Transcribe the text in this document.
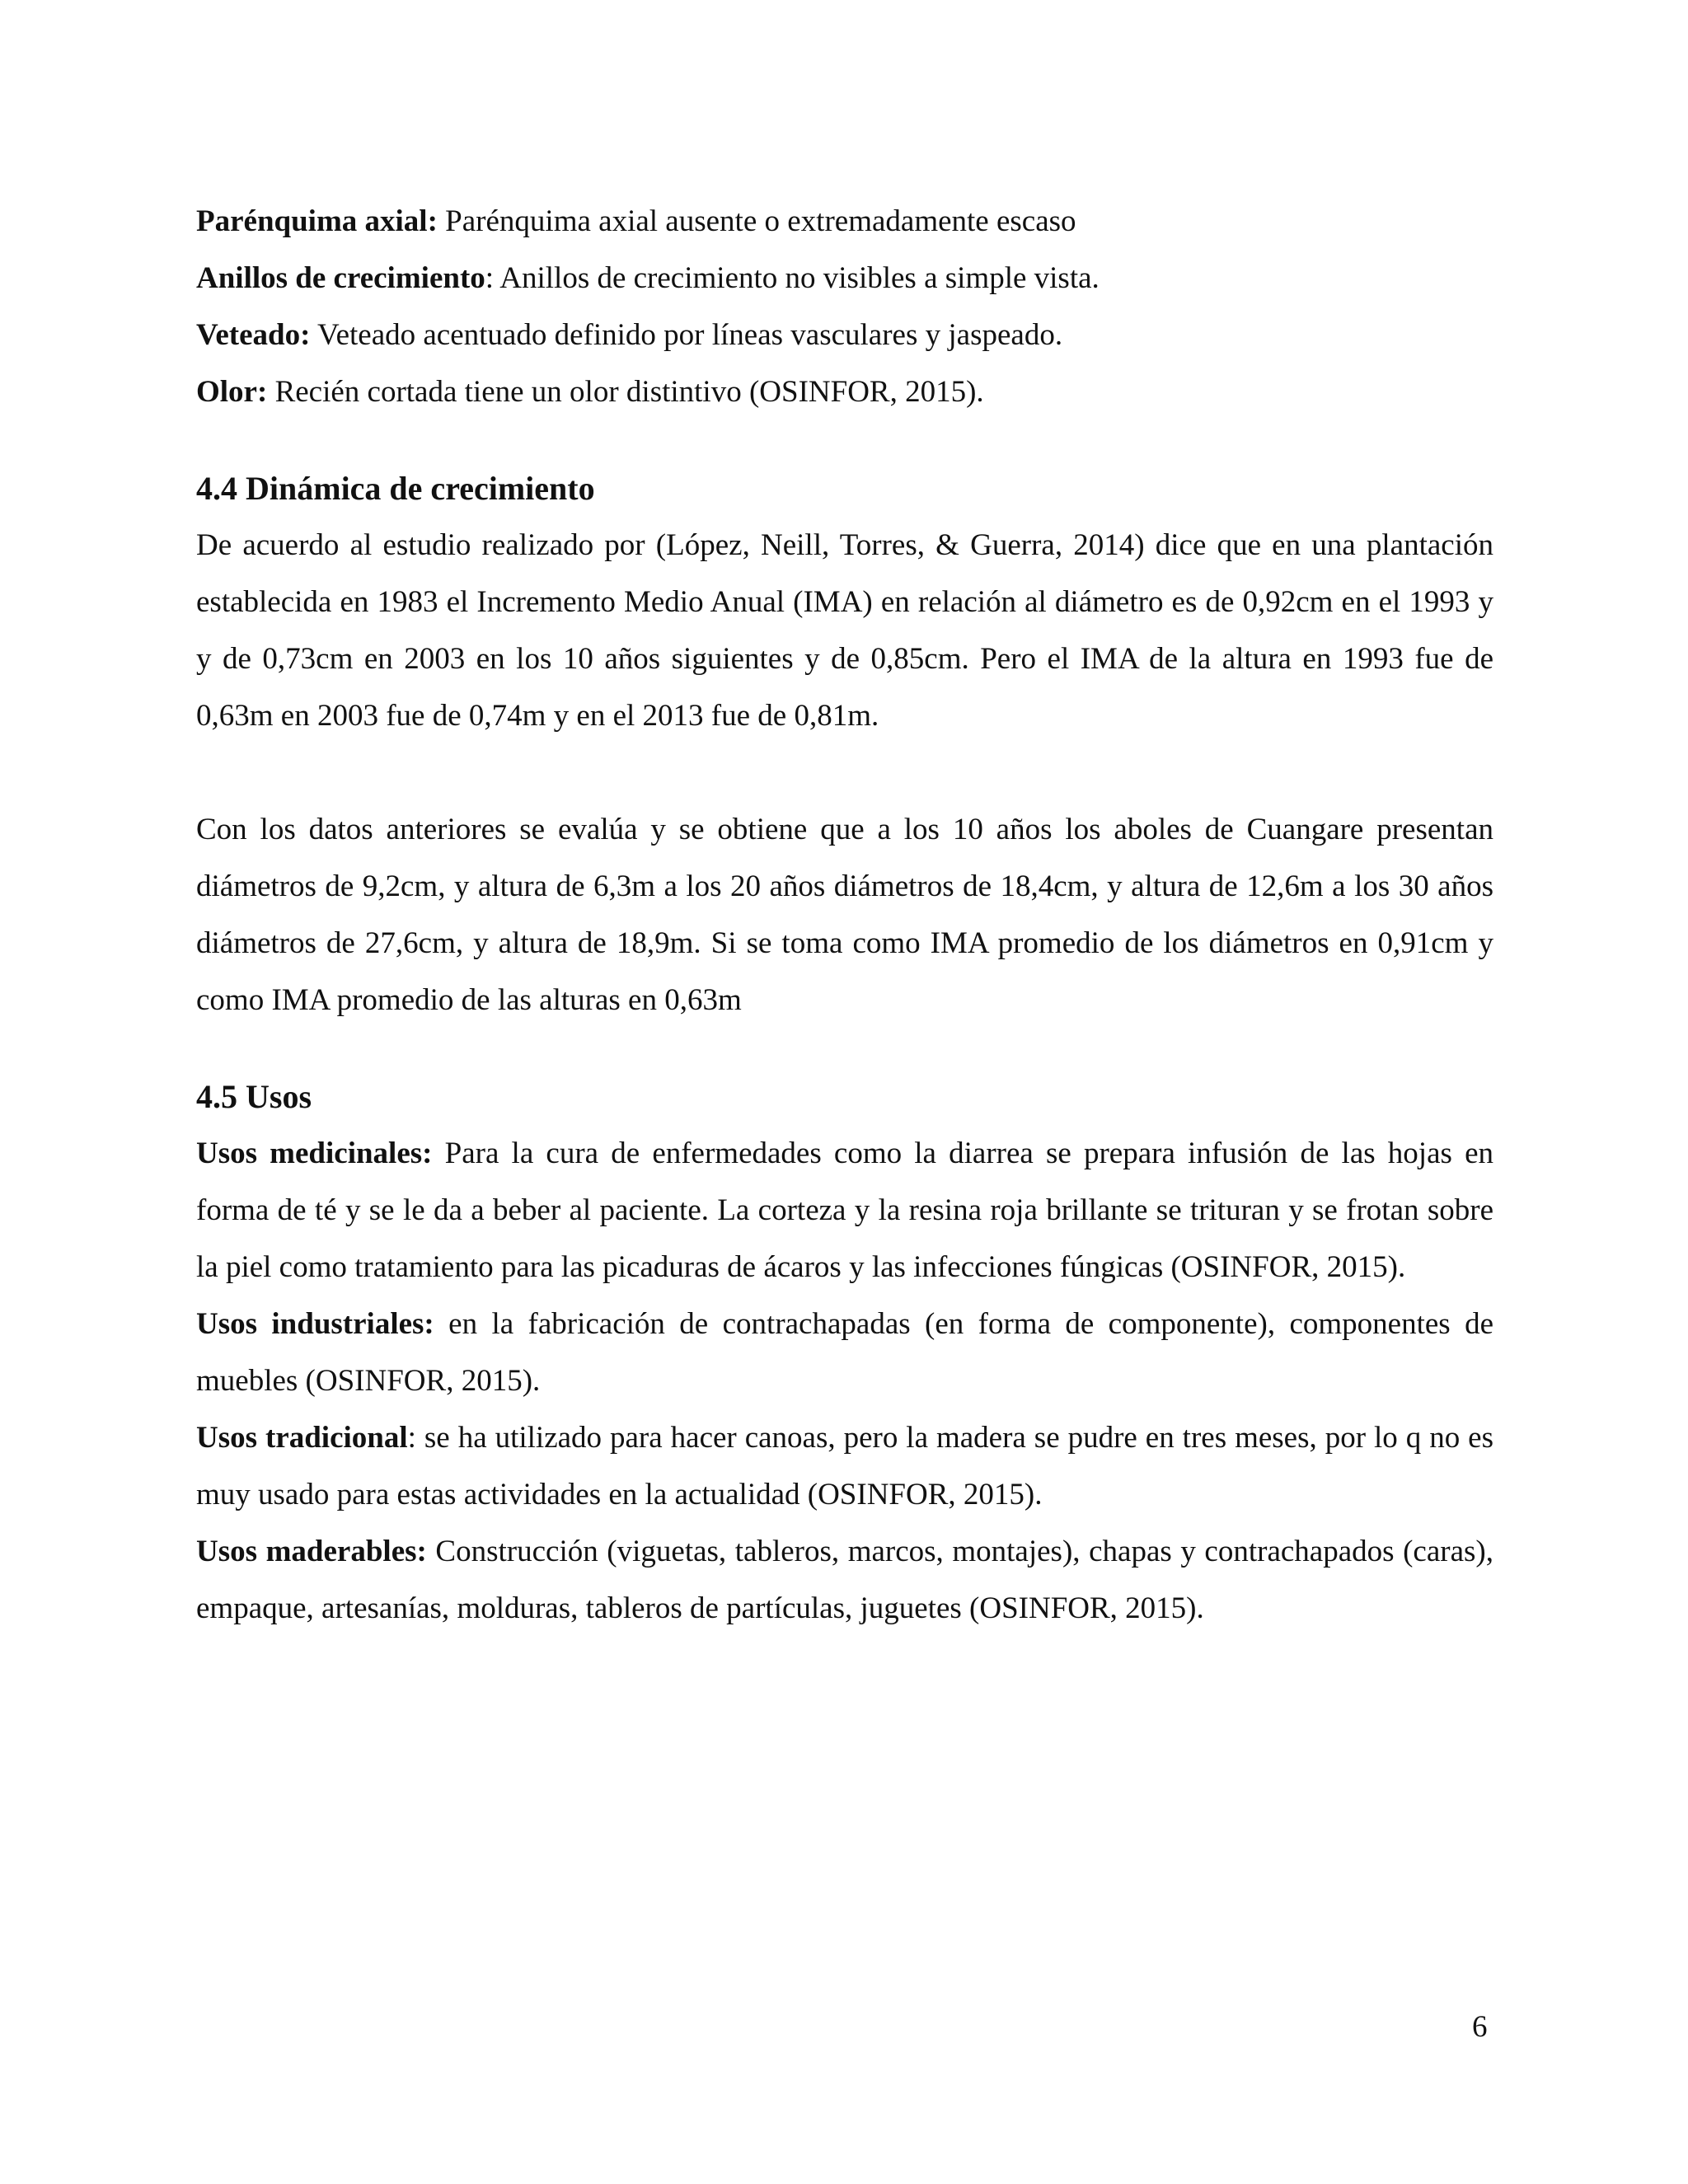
Parénquima axial: Parénquima axial ausente o extremadamente escaso

Anillos de crecimiento: Anillos de crecimiento no visibles a simple vista.

Veteado: Veteado acentuado definido por líneas vasculares y jaspeado.

Olor: Recién cortada tiene un olor distintivo (OSINFOR, 2015).

4.4 Dinámica de crecimiento

De acuerdo al estudio realizado por (López, Neill, Torres, & Guerra, 2014) dice que en una plantación establecida en 1983 el Incremento Medio Anual (IMA) en relación al diámetro es de 0,92cm en el 1993 y y de 0,73cm en 2003 en los 10 años siguientes y de 0,85cm. Pero el IMA de la altura en 1993 fue de 0,63m en 2003 fue de 0,74m y en el 2013 fue de 0,81m.

Con los datos anteriores se evalúa y se obtiene que a los 10 años los aboles de Cuangare presentan diámetros de 9,2cm, y altura de 6,3m a los 20 años diámetros de 18,4cm, y altura de 12,6m a los 30 años diámetros de 27,6cm, y altura de 18,9m. Si se toma como IMA promedio de los diámetros en 0,91cm y como IMA promedio de las alturas en 0,63m

4.5 Usos

Usos medicinales: Para la cura de enfermedades como la diarrea se prepara infusión de las hojas en forma de té y se le da a beber al paciente. La corteza y la resina roja brillante se trituran y se frotan sobre la piel como tratamiento para las picaduras de ácaros y las infecciones fúngicas (OSINFOR, 2015).

Usos industriales: en la fabricación de contrachapadas (en forma de componente), componentes de muebles (OSINFOR, 2015).

Usos tradicional: se ha utilizado para hacer canoas, pero la madera se pudre en tres meses, por lo q no es muy usado para estas actividades en la actualidad (OSINFOR, 2015).

Usos maderables: Construcción (viguetas, tableros, marcos, montajes), chapas y contrachapados (caras), empaque, artesanías, molduras, tableros de partículas, juguetes (OSINFOR, 2015).

6
